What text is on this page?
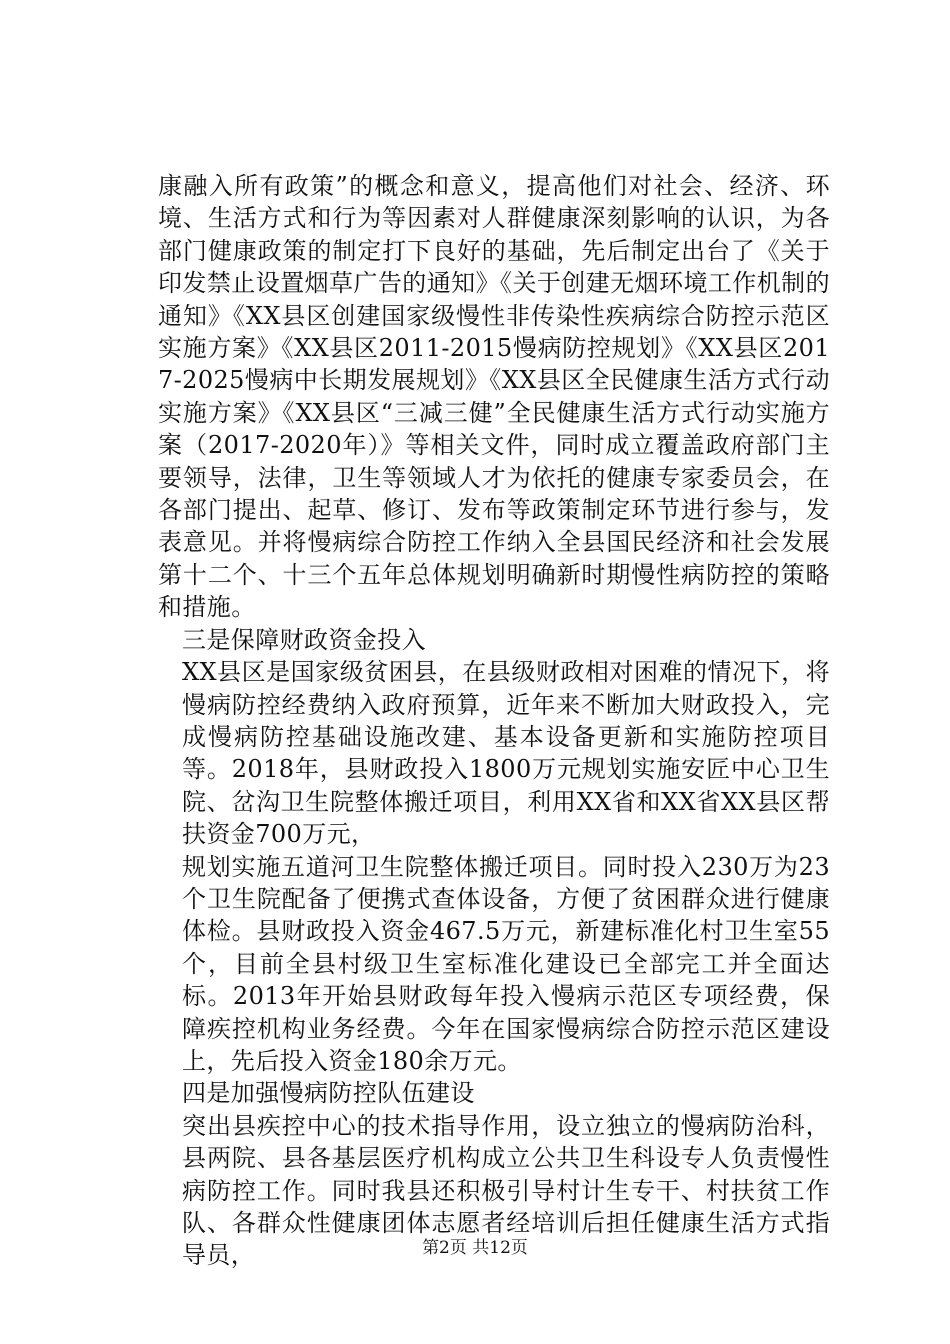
康融入所有政策”的概念和意义，提高他们对社会、经济、环境、生活方式和行为等因素对人群健康深刻影响的认识，为各部门健康政策的制定打下良好的基础，先后制定出台了《关于印发禁止设置烟草广告的通知》《关于创建无烟环境工作机制的通知》《XX县区创建国家级慢性非传染性疾病综合防控示范区实施方案》《XX县区2011-2015慢病防控规划》《XX县区2017-2025慢病中长期发展规划》《XX县区全民健康生活方式行动实施方案》《XX县区“三减三健”全民健康生活方式行动实施方案（2017-2020年）》等相关文件，同时成立覆盖政府部门主要领导，法律，卫生等领域人才为依托的健康专家委员会，在各部门提出、起草、修订、发布等政策制定环节进行参与，发表意见。并将慢病综合防控工作纳入全县国民经济和社会发展第十二个、十三个五年总体规划明确新时期慢性病防控的策略和措施。

三是保障财政资金投入

XX县区是国家级贫困县，在县级财政相对困难的情况下，将慢病防控经费纳入政府预算，近年来不断加大财政投入，完成慢病防控基础设施改建、基本设备更新和实施防控项目等。2018年，县财政投入1800万元规划实施安匠中心卫生院、岔沟卫生院整体搬迁项目，利用XX省和XX省XX县区帮扶资金700万元，

规划实施五道河卫生院整体搬迁项目。同时投入230万为23个卫生院配备了便携式查体设备，方便了贫困群众进行健康体检。县财政投入资金467.5万元，新建标准化村卫生室55个，目前全县村级卫生室标准化建设已全部完工并全面达标。2013年开始县财政每年投入慢病示范区专项经费，保障疾控机构业务经费。今年在国家慢病综合防控示范区建设上，先后投入资金180余万元。

四是加强慢病防控队伍建设

突出县疾控中心的技术指导作用，设立独立的慢病防治科，县两院、县各基层医疗机构成立公共卫生科设专人负责慢性病防控工作。同时我县还积极引导村计生专干、村扶贫工作队、各群众性健康团体志愿者经培训后担任健康生活方式指导员，	第2页 共12页
